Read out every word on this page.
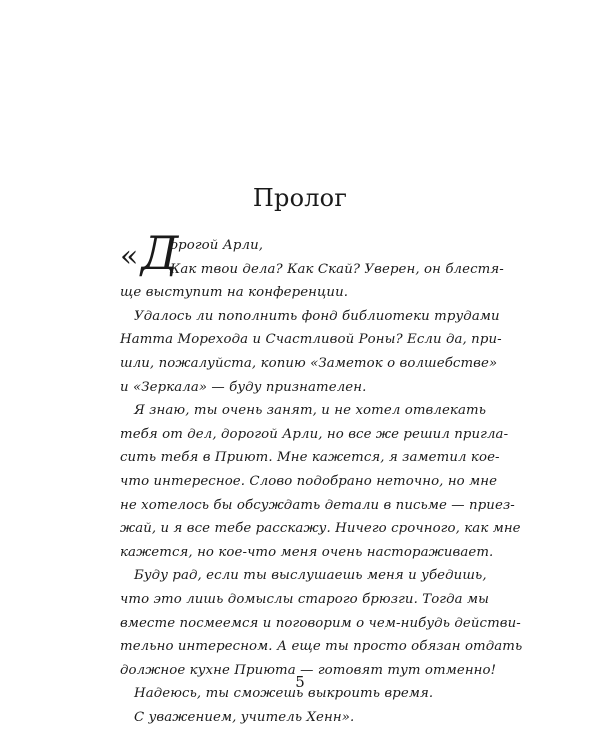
Пролог
« Д
орогой Арли,
Как твои дела? Как Скай? Уверен, он блестя-
ще выступит на конференции.
Удалось ли пополнить фонд библиотеки трудами
Натта Морехода и Счастливой Роны? Если да, при-
шли, пожалуйста, копию «Заметок о волшебстве»
и «Зеркала» — буду признателен.
Я знаю, ты очень занят, и не хотел отвлекать
тебя от дел, дорогой Арли, но все же решил пригла-
сить тебя в Приют. Мне кажется, я заметил кое-
что интересное. Слово подобрано неточно, но мне
не хотелось бы обсуждать детали в письме — приез-
жай, и я все тебе расскажу. Ничего срочного, как мне
кажется, но кое-что меня очень настораживает.
Буду рад, если ты выслушаешь меня и убедишь,
что это лишь домыслы старого брюзги. Тогда мы
вместе посмеемся и поговорим о чем-нибудь действи-
тельно интересном. А еще ты просто обязан отдать
должное кухне Приюта — готовят тут отменно!
Надеюсь, ты сможешь выкроить время.
С уважением, учитель Хенн».
5
